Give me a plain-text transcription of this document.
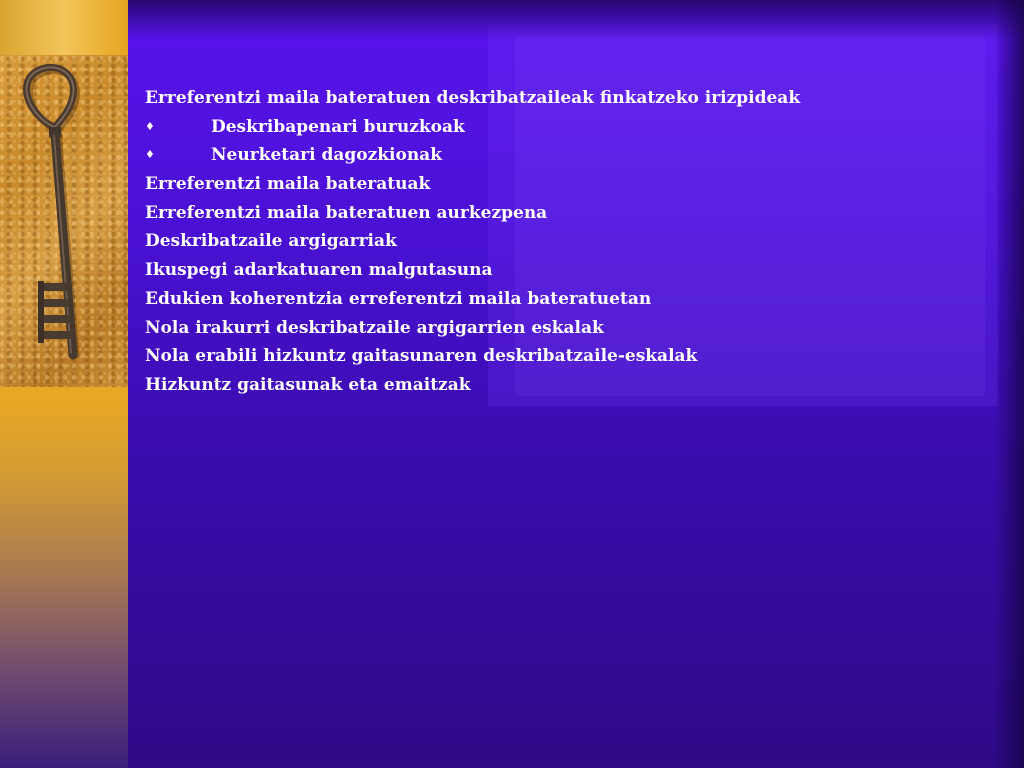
Erreferentzi maila bateratuen deskribatzaileak finkatzeko irizpideak
♦	Deskribapenari buruzkoak
♦	Neurketari dagozkionak
Erreferentzi maila bateratuak
Erreferentzi maila bateratuen aurkezpena
Deskribatzaile argigarriak
Ikuspegi adarkatuaren malgutasuna
Edukien koherentzia erreferentzi maila bateratuetan
Nola irakurri deskribatzaile argigarrien eskalak
Nola erabili hizkuntz gaitasunaren deskribatzaile-eskalak
Hizkuntz gaitasunak eta emaitzak
